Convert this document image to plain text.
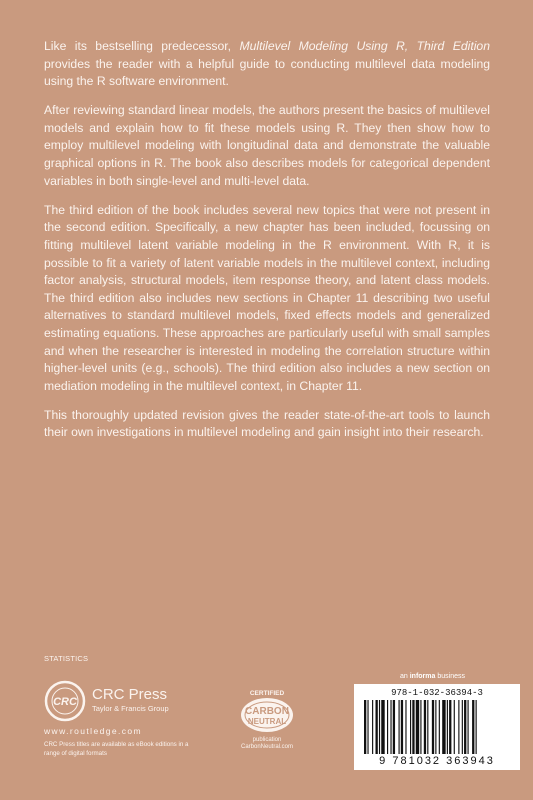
Like its bestselling predecessor, Multilevel Modeling Using R, Third Edition provides the reader with a helpful guide to conducting multilevel data modeling using the R software environment.

After reviewing standard linear models, the authors present the basics of multilevel models and explain how to fit these models using R. They then show how to employ multilevel modeling with longitudinal data and demonstrate the valuable graphical options in R. The book also describes models for categorical dependent variables in both single-level and multi-level data.

The third edition of the book includes several new topics that were not present in the second edition. Specifically, a new chapter has been included, focussing on fitting multilevel latent variable modeling in the R environment. With R, it is possible to fit a variety of latent variable models in the multilevel context, including factor analysis, structural models, item response theory, and latent class models. The third edition also includes new sections in Chapter 11 describing two useful alternatives to standard multilevel models, fixed effects models and generalized estimating equations. These approaches are particularly useful with small samples and when the researcher is interested in modeling the correlation structure within higher-level units (e.g., schools). The third edition also includes a new section on mediation modeling in the multilevel context, in Chapter 11.

This thoroughly updated revision gives the reader state-of-the-art tools to launch their own investigations in multilevel modeling and gain insight into their research.

STATISTICS
CRC CRC Press
Taylor & Francis Group
www.routledge.com
CRC Press titles are available as eBook editions in a range of digital formats
CERTIFIED
CARBON
NEUTRAL
publication
CarbonNeutral.com
an informa business
978-1-032-36394-3
9 781032 363943
